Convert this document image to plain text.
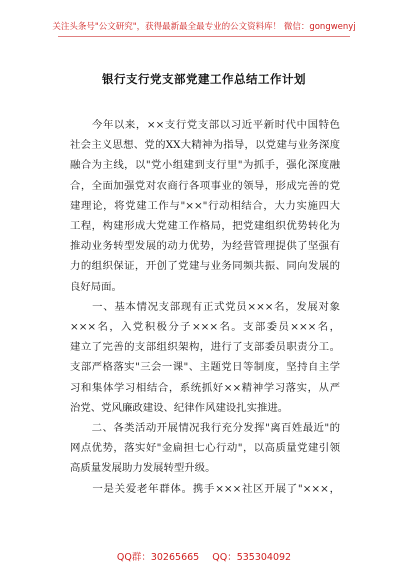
关注头条号"公文研究"，获得最新最全最专业的公文资料库！ 微信：gongwenyj
银行支行党支部党建工作总结工作计划
　　今年以来，××支行党支部以习近平新时代中国特色
社会主义思想、党的XX大精神为指导，以党建与业务深度
融合为主线，以"党小组建到支行里"为抓手，强化深度融
合，全面加强党对农商行各项事业的领导，形成完善的党
建理论，将党建工作与"××"行动相结合，大力实施四大
工程，构建形成大党建工作格局，把党建组织优势转化为
推动业务转型发展的动力优势，为经营管理提供了坚强有
力的组织保证，开创了党建与业务同频共振、同向发展的
良好局面。
　　一、基本情况支部现有正式党员×××名，发展对象
×××名，入党积极分子×××名。支部委员×××名，
建立了完善的支部组织架构，进行了支部委员职责分工。
支部严格落实"三会一课"、主题党日等制度，坚持自主学
习和集体学习相结合，系统抓好××精神学习落实，从严
治党、党风廉政建设、纪律作风建设扎实推进。
　　二、各类活动开展情况我行充分发挥"离百姓最近"的
网点优势，落实好"金扁担七心行动"，以高质量党建引领
高质量发展助力发展转型升级。
　　一是关爱老年群体。携手×××社区开展了"×××，
QQ群：30265665 QQ：535304092
